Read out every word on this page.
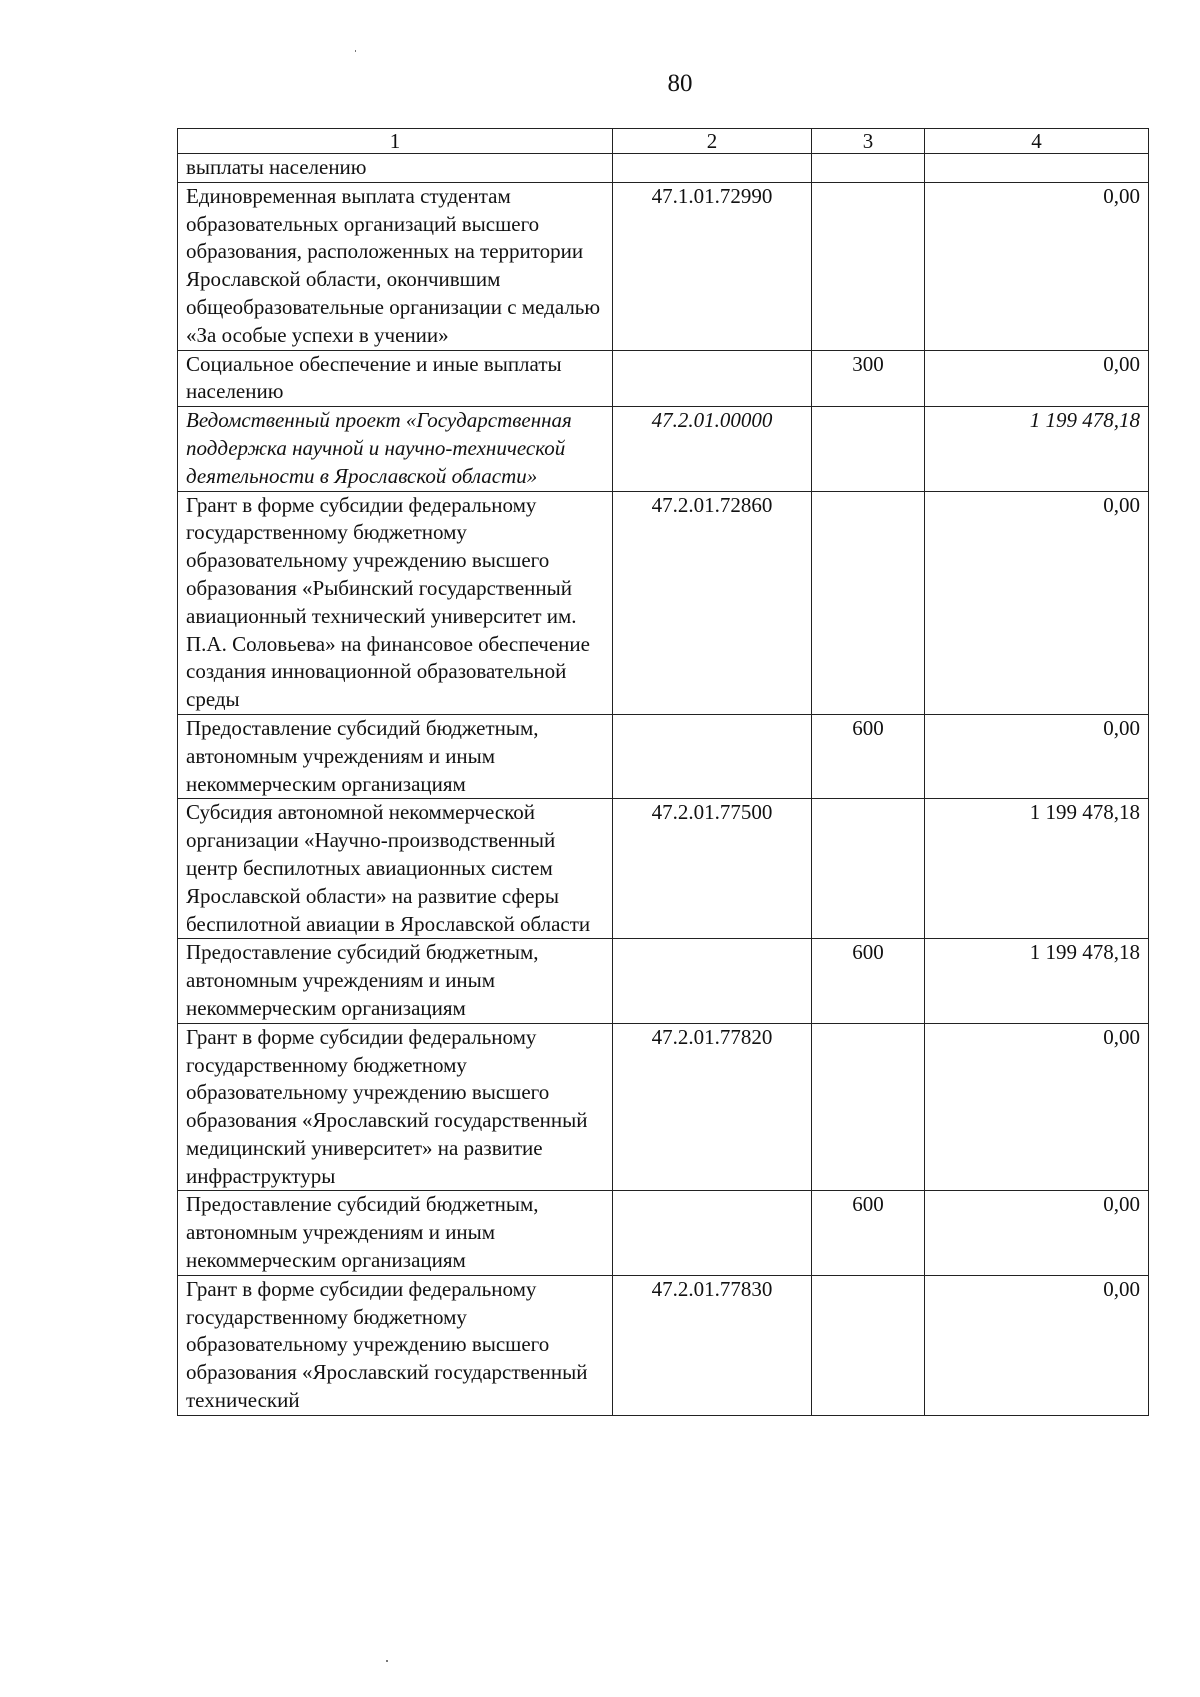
80
1	2	3	4
выплаты населению			
Единовременная выплата студентам образовательных организаций высшего образования, расположенных на территории Ярославской области, окончившим общеобразовательные организации с медалью «За особые успехи в учении»	47.1.01.72990		0,00
Социальное обеспечение и иные выплаты населению		300	0,00
Ведомственный проект «Государственная поддержка научной и научно-технической деятельности в Ярославской области»	47.2.01.00000		1 199 478,18
Грант в форме субсидии федеральному государственному бюджетному образовательному учреждению высшего образования «Рыбинский государственный авиационный технический университет им. П.А. Соловьева» на финансовое обеспечение создания инновационной образовательной среды	47.2.01.72860		0,00
Предоставление субсидий бюджетным, автономным учреждениям и иным некоммерческим организациям		600	0,00
Субсидия автономной некоммерческой организации «Научно-производственный центр беспилотных авиационных систем Ярославской области» на развитие сферы беспилотной авиации в Ярославской области	47.2.01.77500		1 199 478,18
Предоставление субсидий бюджетным, автономным учреждениям и иным некоммерческим организациям		600	1 199 478,18
Грант в форме субсидии федеральному государственному бюджетному образовательному учреждению высшего образования «Ярославский государственный медицинский университет» на развитие инфраструктуры	47.2.01.77820		0,00
Предоставление субсидий бюджетным, автономным учреждениям и иным некоммерческим организациям		600	0,00
Грант в форме субсидии федеральному государственному бюджетному образовательному учреждению высшего образования «Ярославский государственный технический	47.2.01.77830		0,00
